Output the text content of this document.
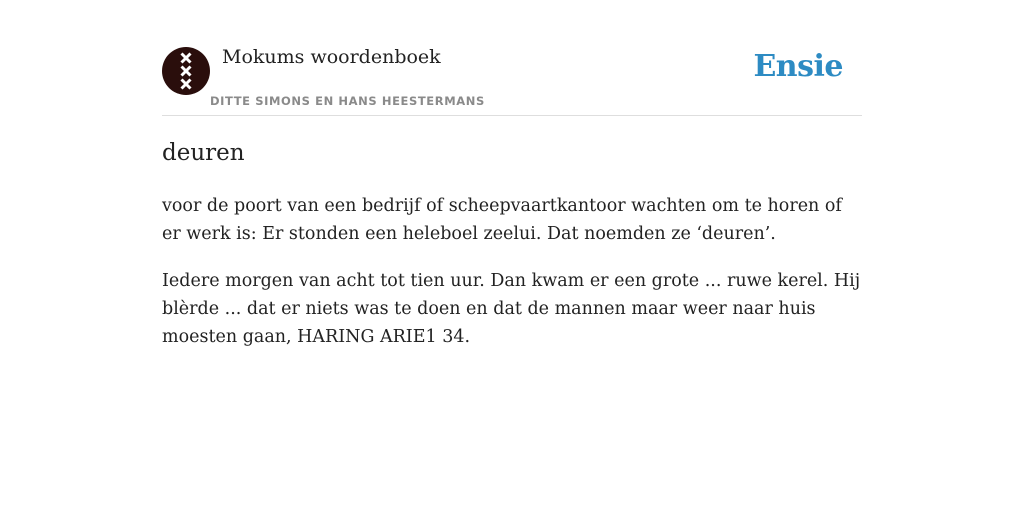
Mokums woordenboek
DITTE SIMONS EN HANS HEESTERMANS
Ensie
deuren

voor de poort van een bedrijf of scheepvaartkantoor wachten om te horen of er werk is: Er stonden een heleboel zeelui. Dat noemden ze ‘deuren’.

Iedere morgen van acht tot tien uur. Dan kwam er een grote ... ruwe kerel. Hij blèrde ... dat er niets was te doen en dat de mannen maar weer naar huis moesten gaan, HARING ARIE1 34.
